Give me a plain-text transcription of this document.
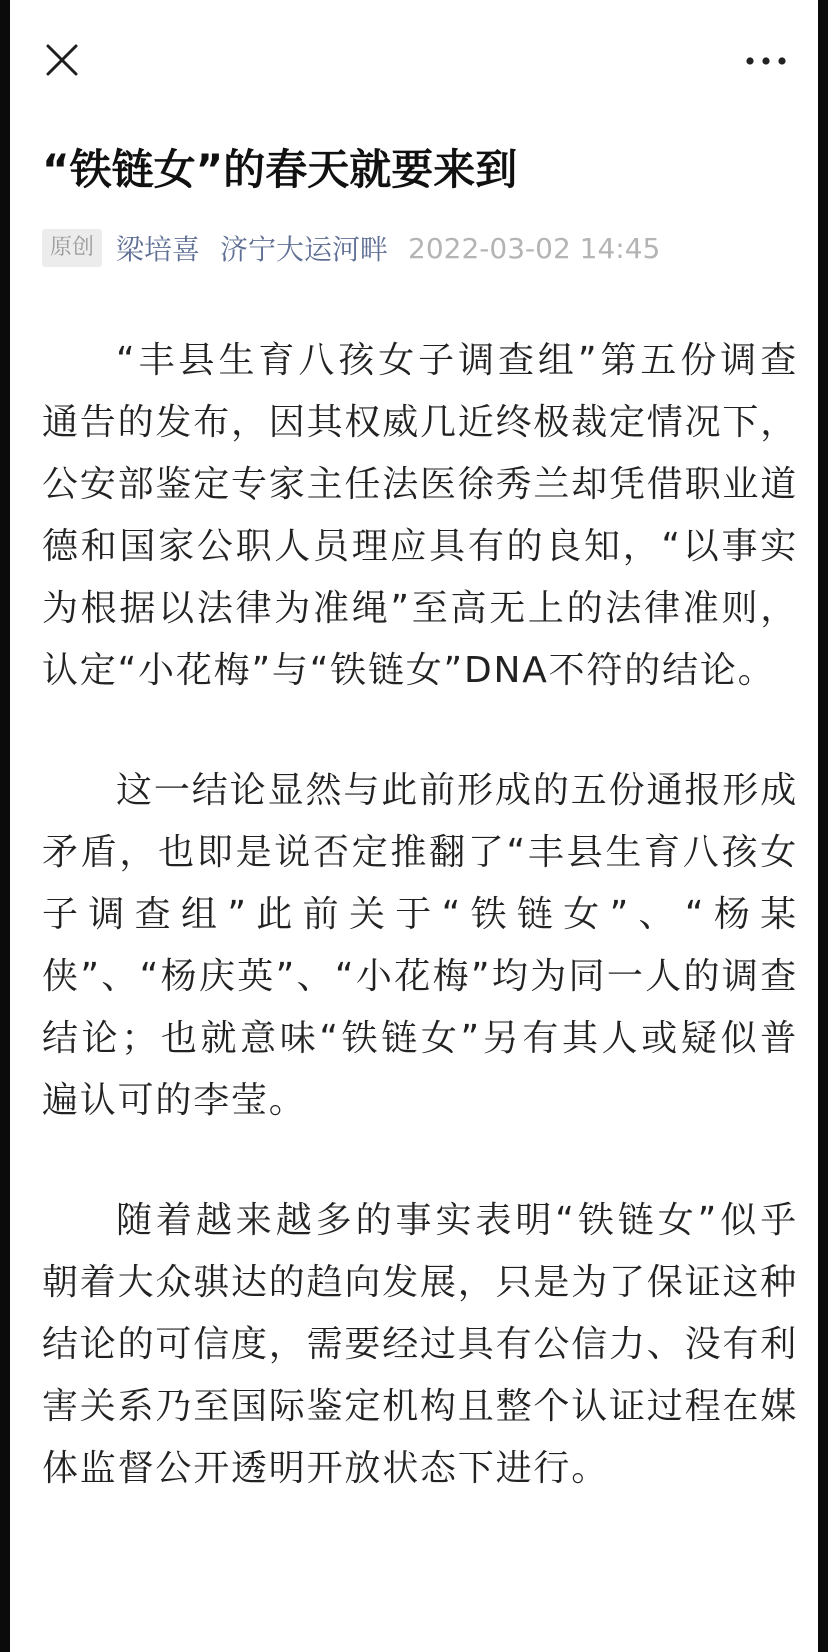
“铁链女”的春天就要来到
原创 梁培喜 济宁大运河畔 2022-03-02 14:45

“丰县生育八孩女子调查组”第五份调查通告的发布，因其权威几近终极裁定情况下，公安部鉴定专家主任法医徐秀兰却凭借职业道德和国家公职人员理应具有的良知，“以事实为根据以法律为准绳”至高无上的法律准则，认定“小花梅”与“铁链女”DNA不符的结论。

这一结论显然与此前形成的五份通报形成矛盾，也即是说否定推翻了“丰县生育八孩女子调查组”此前关于“铁链女”、“杨某侠”、“杨庆英”、“小花梅”均为同一人的调查结论；也就意味“铁链女”另有其人或疑似普遍认可的李莹。

随着越来越多的事实表明“铁链女”似乎朝着大众骐达的趋向发展，只是为了保证这种结论的可信度，需要经过具有公信力、没有利害关系乃至国际鉴定机构且整个认证过程在媒体监督公开透明开放状态下进行。
